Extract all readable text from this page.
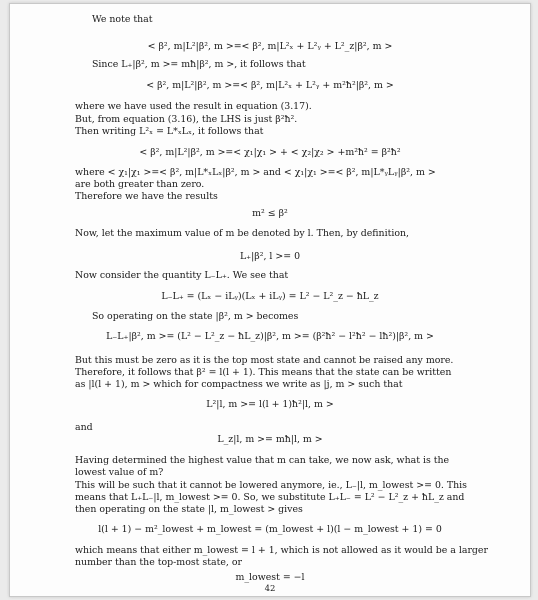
We note that
< β², m|L²|β², m >=< β², m|L²ₓ + L²ᵧ + L²_z|β², m >
Since L₊|β², m >= mħ|β², m >, it follows that
< β², m|L²|β², m >=< β², m|L²ₓ + L²ᵧ + m²ħ²|β², m >
where we have used the result in equation (3.17).
But, from equation (3.16), the LHS is just β²ħ².
Then writing L²ₓ = L*ₓLₓ, it follows that
< β², m|L²|β², m >=< χ₁|χ₁ > + < χ₂|χ₂ > +m²ħ² = β²ħ²
where < χ₁|χ₁ >=< β², m|L*ₓLₓ|β², m > and < χ₁|χ₁ >=< β², m|L*ᵧLᵧ|β², m >
are both greater than zero.
Therefore we have the results
m² ≤ β²
Now, let the maximum value of m be denoted by l. Then, by definition,
L₊|β², l >= 0
Now consider the quantity L₋L₊. We see that
L₋L₊ = (Lₓ − iLᵧ)(Lₓ + iLᵧ) = L² − L²_z − ħL_z
So operating on the state |β², m > becomes
L₋L₊|β², m >= (L² − L²_z − ħL_z)|β², m >= (β²ħ² − l²ħ² − lħ²)|β², m >
But this must be zero as it is the top most state and cannot be raised any more.
Therefore, it follows that β² = l(l + 1). This means that the state can be written
as |l(l + 1), m > which for compactness we write as |j, m > such that
L²|l, m >= l(l + 1)ħ²|l, m >
and
L_z|l, m >= mħ|l, m >
Having determined the highest value that m can take, we now ask, what is the
lowest value of m?
This will be such that it cannot be lowered anymore, ie., L₋|l, m_lowest >= 0. This
means that L₊L₋|l, m_lowest >= 0. So, we substitute L₊L₋ = L² − L²_z + ħL_z and
then operating on the state |l, m_lowest > gives
l(l + 1) − m²_lowest + m_lowest = (m_lowest + l)(l − m_lowest + 1) = 0
which means that either m_lowest = l + 1, which is not allowed as it would be a larger
number than the top-most state, or
m_lowest = −l
42
